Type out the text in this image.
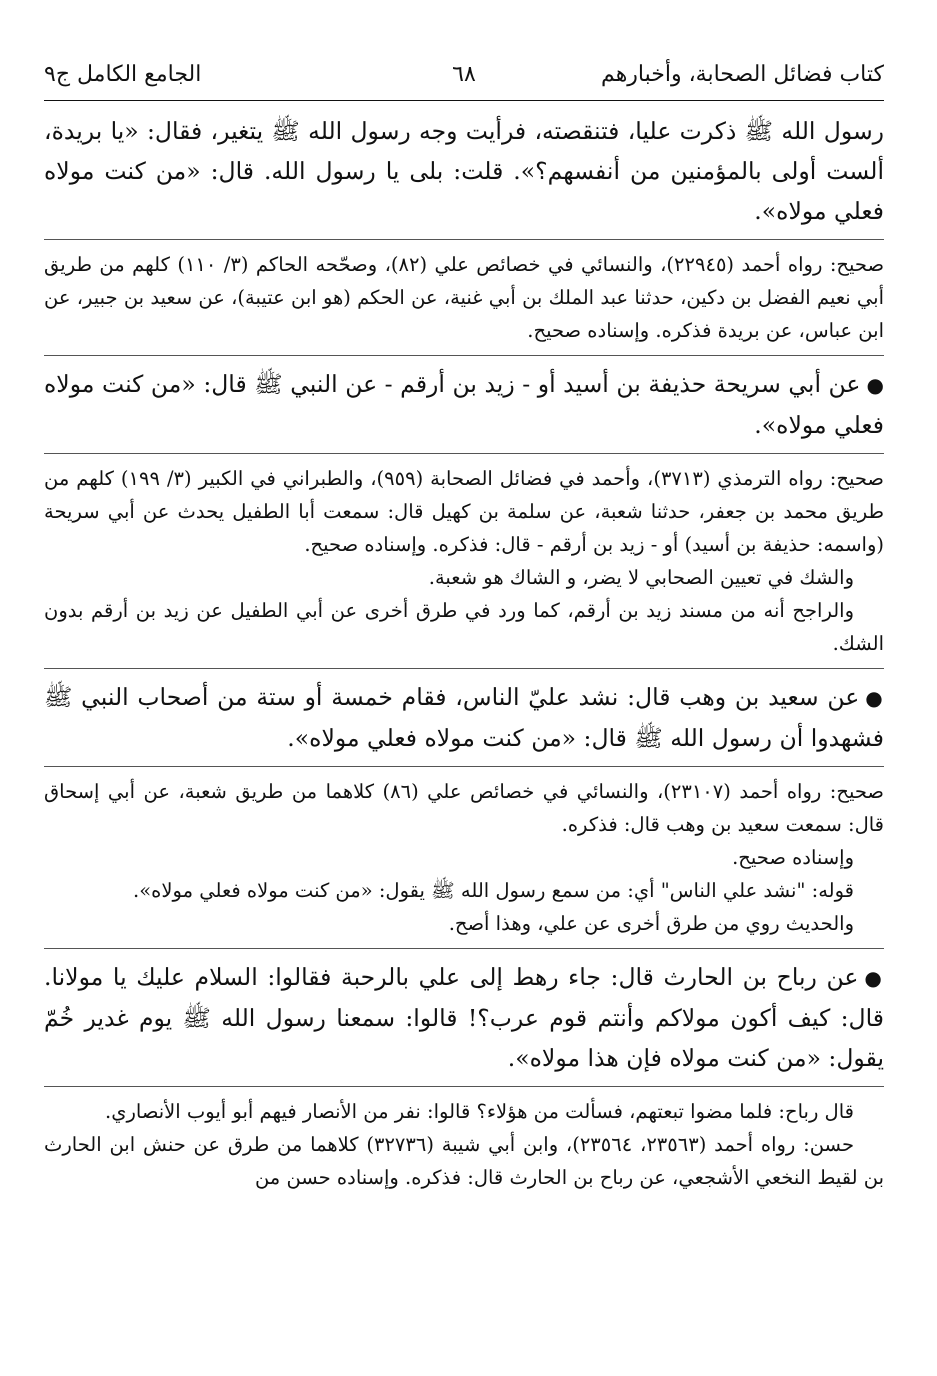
كتاب فضائل الصحابة، وأخبارهم
٦٨
الجامع الكامل ج٩

رسول الله ﷺ ذكرت عليا، فتنقصته، فرأيت وجه رسول الله ﷺ يتغير، فقال: «يا بريدة، ألست أولى بالمؤمنين من أنفسهم؟». قلت: بلى يا رسول الله. قال: «من كنت مولاه فعلي مولاه».

صحيح: رواه أحمد (٢٢٩٤٥)، والنسائي في خصائص علي (٨٢)، وصحّحه الحاكم (٣/ ١١٠) كلهم من طريق أبي نعيم الفضل بن دكين، حدثنا عبد الملك بن أبي غنية، عن الحكم (هو ابن عتيبة)، عن سعيد بن جبير، عن ابن عباس، عن بريدة فذكره. وإسناده صحيح.

●عن أبي سريحة حذيفة بن أسيد أو - زيد بن أرقم - عن النبي ﷺ قال: «من كنت مولاه فعلي مولاه».

صحيح: رواه الترمذي (٣٧١٣)، وأحمد في فضائل الصحابة (٩٥٩)، والطبراني في الكبير (٣/ ١٩٩) كلهم من طريق محمد بن جعفر، حدثنا شعبة، عن سلمة بن كهيل قال: سمعت أبا الطفيل يحدث عن أبي سريحة (واسمه: حذيفة بن أسيد) أو - زيد بن أرقم - قال: فذكره. وإسناده صحيح.

والشك في تعيين الصحابي لا يضر، و الشاك هو شعبة.

والراجح أنه من مسند زيد بن أرقم، كما ورد في طرق أخرى عن أبي الطفيل عن زيد بن أرقم بدون الشك.

●عن سعيد بن وهب قال: نشد عليّ الناس، فقام خمسة أو ستة من أصحاب النبي ﷺ فشهدوا أن رسول الله ﷺ قال: «من كنت مولاه فعلي مولاه».

صحيح: رواه أحمد (٢٣١٠٧)، والنسائي في خصائص علي (٨٦) كلاهما من طريق شعبة، عن أبي إسحاق قال: سمعت سعيد بن وهب قال: فذكره.

وإسناده صحيح.

قوله: "نشد علي الناس" أي: من سمع رسول الله ﷺ يقول: «من كنت مولاه فعلي مولاه».

والحديث روي من طرق أخرى عن علي، وهذا أصح.

●عن رباح بن الحارث قال: جاء رهط إلى علي بالرحبة فقالوا: السلام عليك يا مولانا. قال: كيف أكون مولاكم وأنتم قوم عرب؟! قالوا: سمعنا رسول الله ﷺ يوم غدير خُمّ يقول: «من كنت مولاه فإن هذا مولاه».

قال رباح: فلما مضوا تبعتهم، فسألت من هؤلاء؟ قالوا: نفر من الأنصار فيهم أبو أيوب الأنصاري.

حسن: رواه أحمد (٢٣٥٦٣، ٢٣٥٦٤)، وابن أبي شيبة (٣٢٧٣٦) كلاهما من طرق عن حنش ابن الحارث بن لقيط النخعي الأشجعي، عن رباح بن الحارث قال: فذكره. وإسناده حسن من
